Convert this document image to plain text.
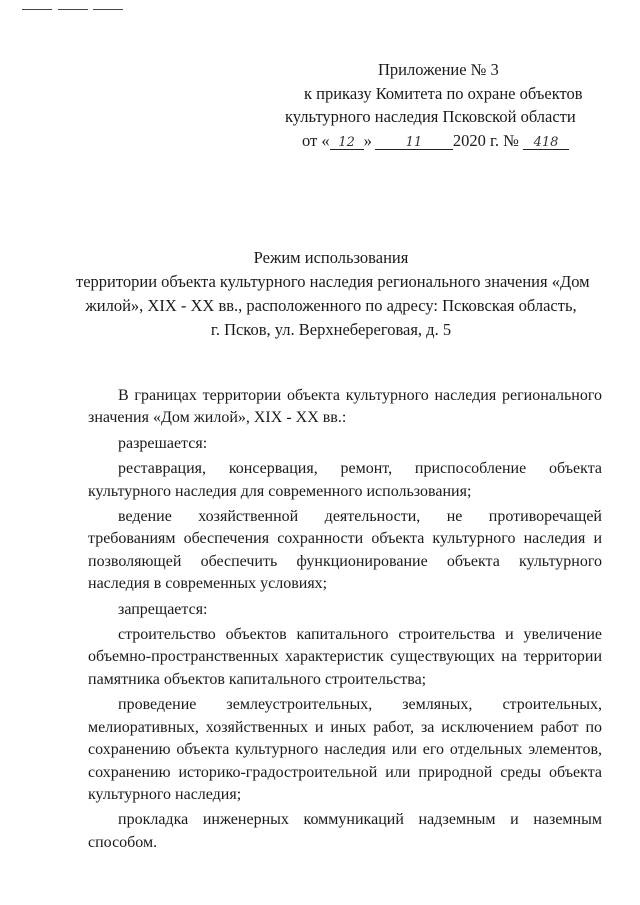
Приложение № 3
к приказу Комитета по охране объектов
культурного наследия Псковской области
от « 12 »	11 2020 г. № 418
Режим использования
территории объекта культурного наследия регионального значения «Дом
жилой», XIX - XX вв., расположенного по адресу: Псковская область,
г. Псков, ул. Верхнебереговая, д. 5

В границах территории объекта культурного наследия регионального значения «Дом жилой», XIX - XX вв.:

разрешается:

реставрация, консервация, ремонт, приспособление объекта культурного наследия для современного использования;

ведение хозяйственной деятельности, не противоречащей требованиям обеспечения сохранности объекта культурного наследия и позволяющей обеспечить функционирование объекта культурного наследия в современных условиях;

запрещается:

строительство объектов капитального строительства и увеличение объемно-пространственных характеристик существующих на территории памятника объектов капитального строительства;

проведение землеустроительных, земляных, строительных, мелиоративных, хозяйственных и иных работ, за исключением работ по сохранению объекта культурного наследия или его отдельных элементов, сохранению историко-градостроительной или природной среды объекта культурного наследия;

прокладка инженерных коммуникаций надземным и наземным способом.
